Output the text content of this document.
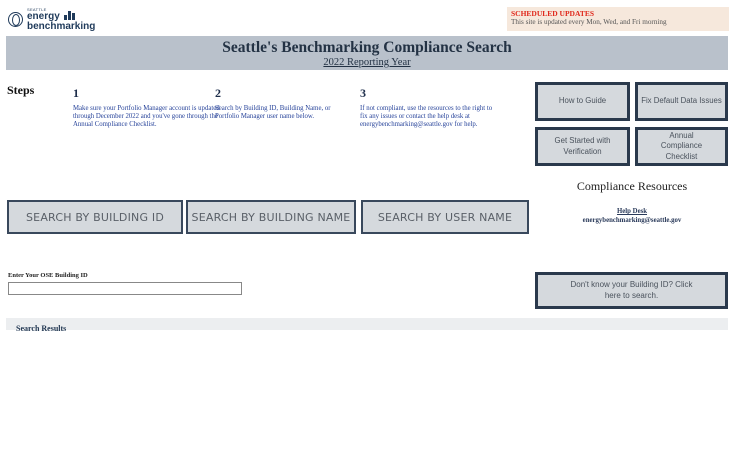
SEATTLE
energy
benchmarking
SCHEDULED UPDATES
This site is updated every Mon, Wed, and Fri morning
Seattle's Benchmarking Compliance Search
2022 Reporting Year
Steps	1
Make sure your Portfolio Manager account is updated through December 2022 and you've gone through the Annual Compliance Checklist.
2
Search by Building ID, Building Name, or Portfolio Manager user name below.
3
If not compliant, use the resources to the right to fix any issues or contact the help desk at energybenchmarking@seattle.gov for help.
How to Guide	Fix Default Data Issues
Get Started with Verification
Annual Compliance Checklist
Compliance Resources
Help Desk
energybenchmarking@seattle.gov
SEARCH BY BUILDING ID	SEARCH BY BUILDING NAME	SEARCH BY USER NAME
Enter Your OSE Building ID
Don't know your Building ID? Click here to search.
Search Results
